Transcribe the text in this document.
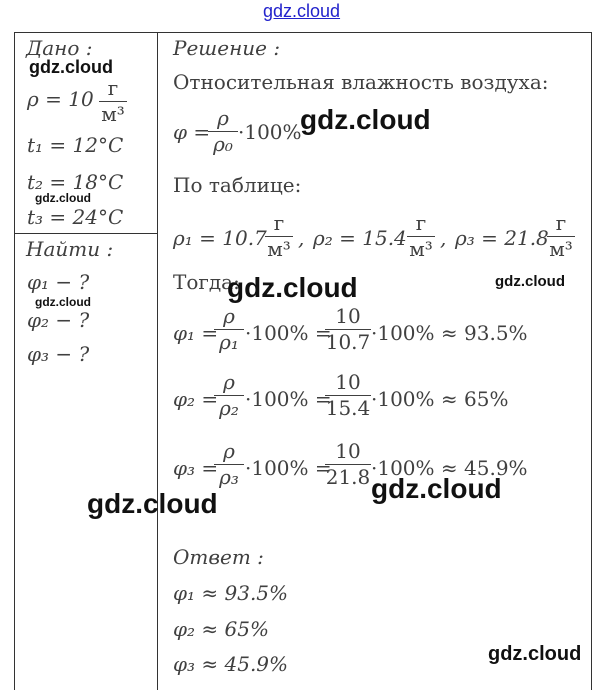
gdz.cloud
Дано :
ρ = 10 г
м³
t₁ = 12°C
t₂ = 18°C
t₃ = 24°C
Найти :
φ₁ − ?
φ₂ − ?
φ₃ − ?
Решение :
Относительная влажность воздуха:
φ =
ρ
ρ₀ ·100%
По таблице:
ρ₁ = 10.7
г
м³ , ρ₂ = 15.4
г
м³ , ρ₃ = 21.8
г
м³
Тогда:
φ₁ =
ρ
ρ₁ ·100% =
10
10.7 ·100% ≈ 93.5%
φ₂ =
ρ
ρ₂ ·100% =
10
15.4 ·100% ≈ 65%
φ₃ =
ρ
ρ₃ ·100% =
10
21.8 ·100% ≈ 45.9%
Ответ :
φ₁ ≈ 93.5%
φ₂ ≈ 65%
φ₃ ≈ 45.9%
gdz.cloud
gdz.cloud
gdz.cloud
gdz.cloud
gdz.cloud	gdz.cloud
gdz.cloud	gdz.cloud
gdz.cloud
